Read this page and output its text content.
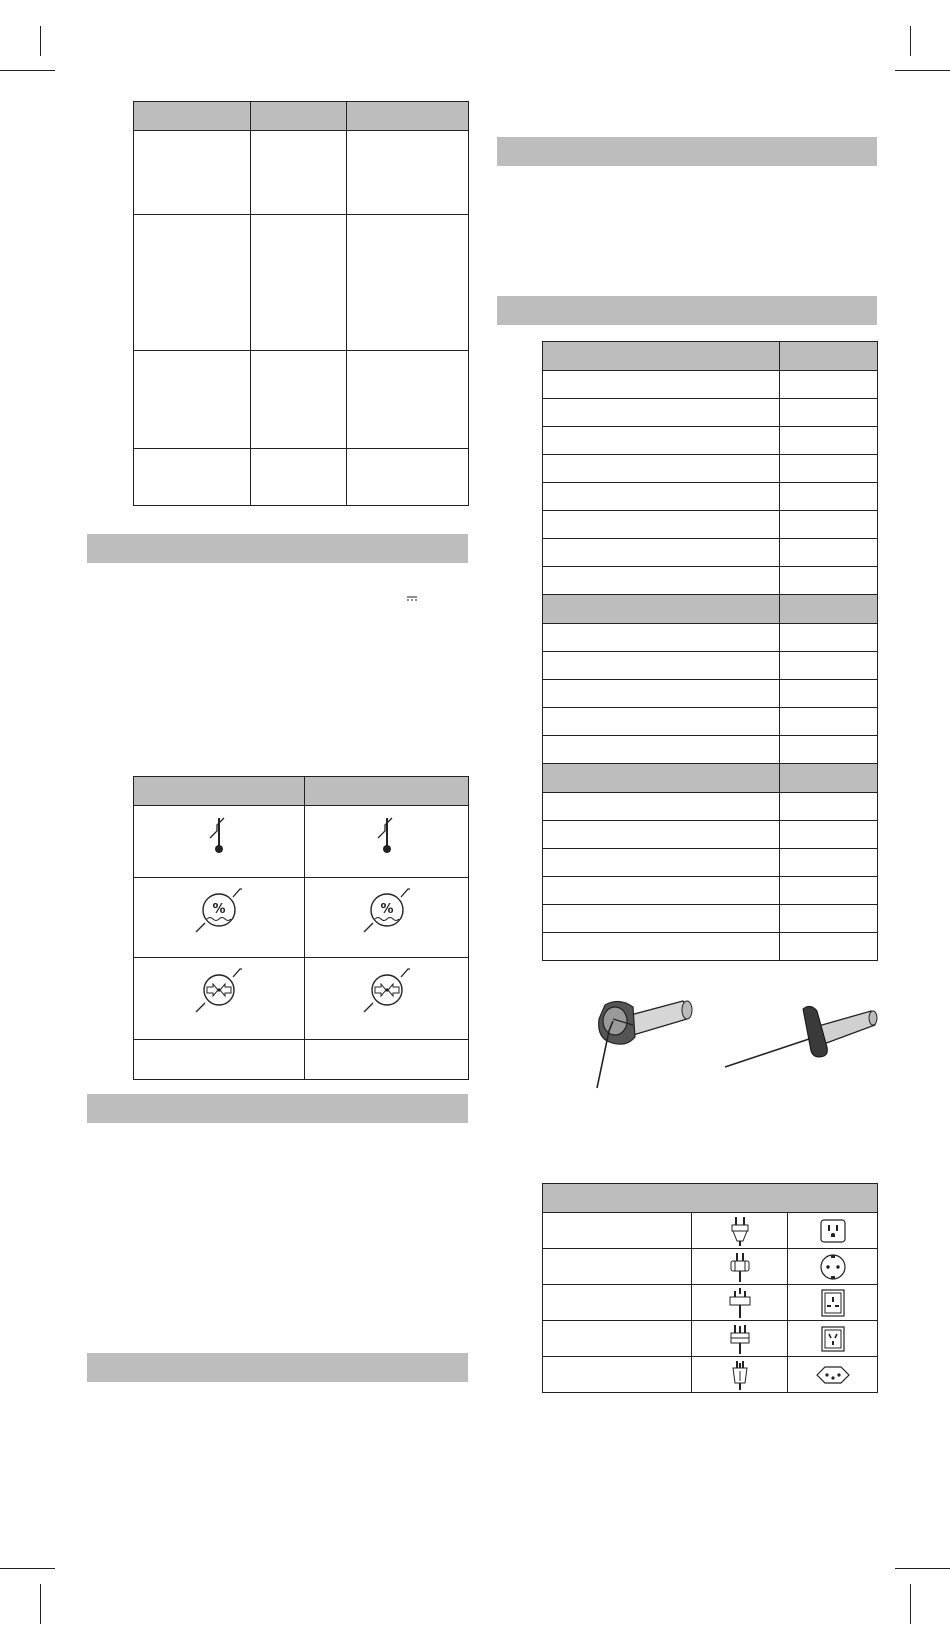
%	%
